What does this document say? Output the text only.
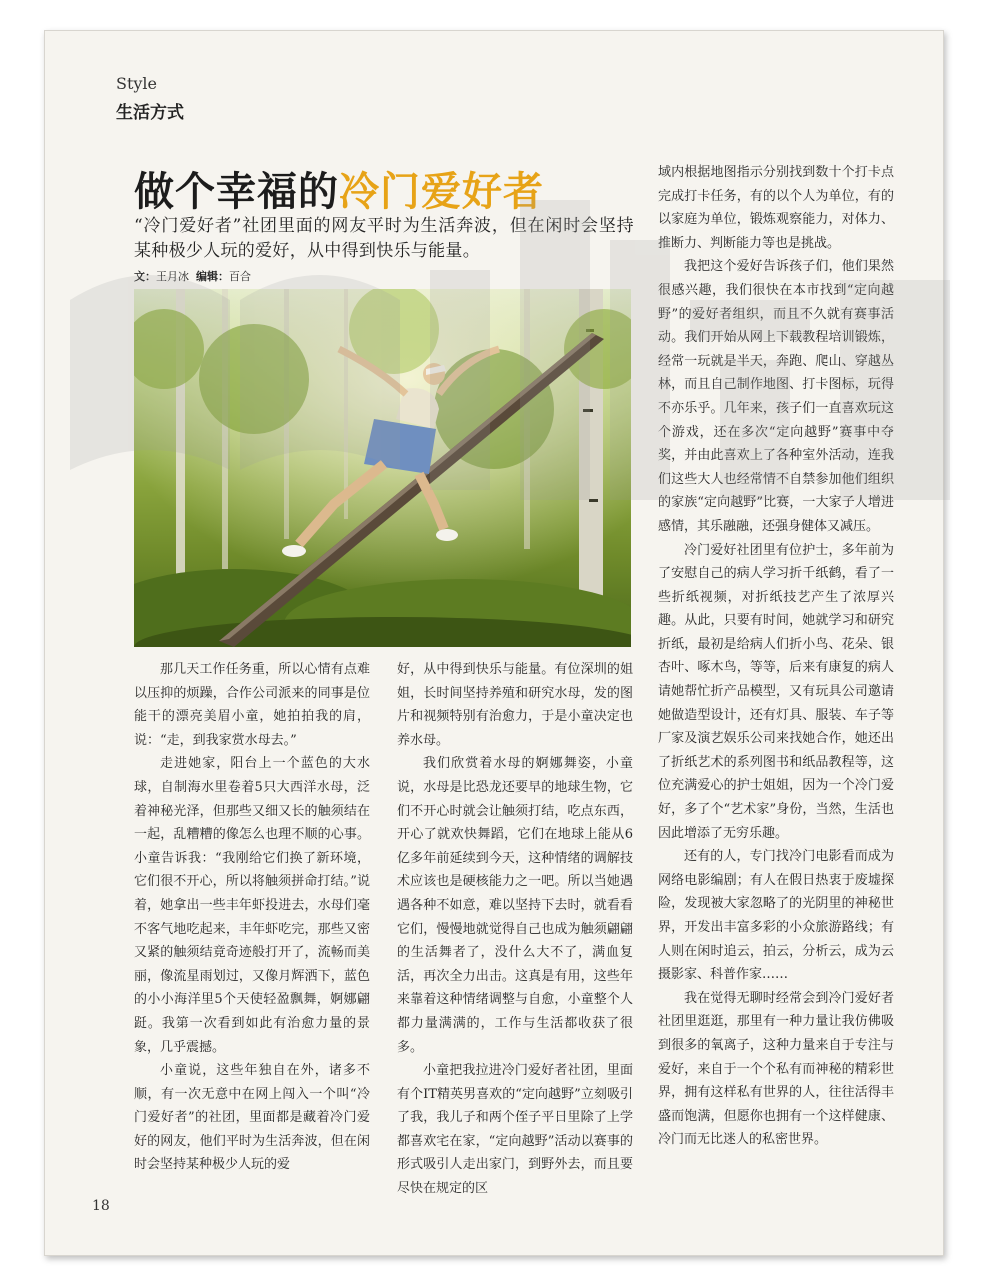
Style
生活方式
做个幸福的冷门爱好者
“冷门爱好者”社团里面的网友平时为生活奔波，但在闲时会坚持某种极少人玩的爱好，从中得到快乐与能量。
文：王月冰 编辑：百合

那几天工作任务重，所以心情有点难以压抑的烦躁，合作公司派来的同事是位能干的漂亮美眉小童，她拍拍我的肩，说：“走，到我家赏水母去。”

走进她家，阳台上一个蓝色的大水球，自制海水里卷着5只大西洋水母，泛着神秘光泽，但那些又细又长的触须结在一起，乱糟糟的像怎么也理不顺的心事。小童告诉我：“我刚给它们换了新环境，它们很不开心，所以将触须拼命打结。”说着，她拿出一些丰年虾投进去，水母们毫不客气地吃起来，丰年虾吃完，那些又密又紧的触须结竟奇迹般打开了，流畅而美丽，像流星雨划过，又像月辉洒下，蓝色的小小海洋里5个天使轻盈飘舞，婀娜翩跹。我第一次看到如此有治愈力量的景象，几乎震撼。

小童说，这些年独自在外，诸多不顺，有一次无意中在网上闯入一个叫“冷门爱好者”的社团，里面都是藏着冷门爱好的网友，他们平时为生活奔波，但在闲时会坚持某种极少人玩的爱

好，从中得到快乐与能量。有位深圳的姐姐，长时间坚持养殖和研究水母，发的图片和视频特别有治愈力，于是小童决定也养水母。

我们欣赏着水母的婀娜舞姿，小童说，水母是比恐龙还要早的地球生物，它们不开心时就会让触须打结，吃点东西，开心了就欢快舞蹈，它们在地球上能从6亿多年前延续到今天，这种情绪的调解技术应该也是硬核能力之一吧。所以当她遇遇各种不如意，难以坚持下去时，就看看它们，慢慢地就觉得自己也成为触须翩翩的生活舞者了，没什么大不了，满血复活，再次全力出击。这真是有用，这些年来靠着这种情绪调整与自愈，小童整个人都力量满满的，工作与生活都收获了很多。

小童把我拉进冷门爱好者社团，里面有个IT精英男喜欢的“定向越野”立刻吸引了我，我儿子和两个侄子平日里除了上学都喜欢宅在家，“定向越野”活动以赛事的形式吸引人走出家门，到野外去，而且要尽快在规定的区

域内根据地图指示分别找到数十个打卡点完成打卡任务，有的以个人为单位，有的以家庭为单位，锻炼观察能力，对体力、推断力、判断能力等也是挑战。

我把这个爱好告诉孩子们，他们果然很感兴趣，我们很快在本市找到“定向越野”的爱好者组织，而且不久就有赛事活动。我们开始从网上下载教程培训锻炼，经常一玩就是半天，奔跑、爬山、穿越丛林，而且自己制作地图、打卡图标，玩得不亦乐乎。几年来，孩子们一直喜欢玩这个游戏，还在多次“定向越野”赛事中夺奖，并由此喜欢上了各种室外活动，连我们这些大人也经常情不自禁参加他们组织的家族“定向越野”比赛，一大家子人增进感情，其乐融融，还强身健体又减压。

冷门爱好社团里有位护士，多年前为了安慰自己的病人学习折千纸鹤，看了一些折纸视频，对折纸技艺产生了浓厚兴趣。从此，只要有时间，她就学习和研究折纸，最初是给病人们折小鸟、花朵、银杏叶、啄木鸟，等等，后来有康复的病人请她帮忙折产品模型，又有玩具公司邀请她做造型设计，还有灯具、服装、车子等厂家及演艺娱乐公司来找她合作，她还出了折纸艺术的系列图书和纸品教程等，这位充满爱心的护士姐姐，因为一个冷门爱好，多了个“艺术家”身份，当然，生活也因此增添了无穷乐趣。

还有的人，专门找冷门电影看而成为网络电影编剧；有人在假日热衷于废墟探险，发现被大家忽略了的光阴里的神秘世界，开发出丰富多彩的小众旅游路线；有人则在闲时追云，拍云，分析云，成为云摄影家、科普作家……

我在觉得无聊时经常会到冷门爱好者社团里逛逛，那里有一种力量让我仿佛吸到很多的氧离子，这种力量来自于专注与爱好，来自于一个个私有而神秘的精彩世界，拥有这样私有世界的人，往往活得丰盛而饱满，但愿你也拥有一个这样健康、冷门而无比迷人的私密世界。

18
